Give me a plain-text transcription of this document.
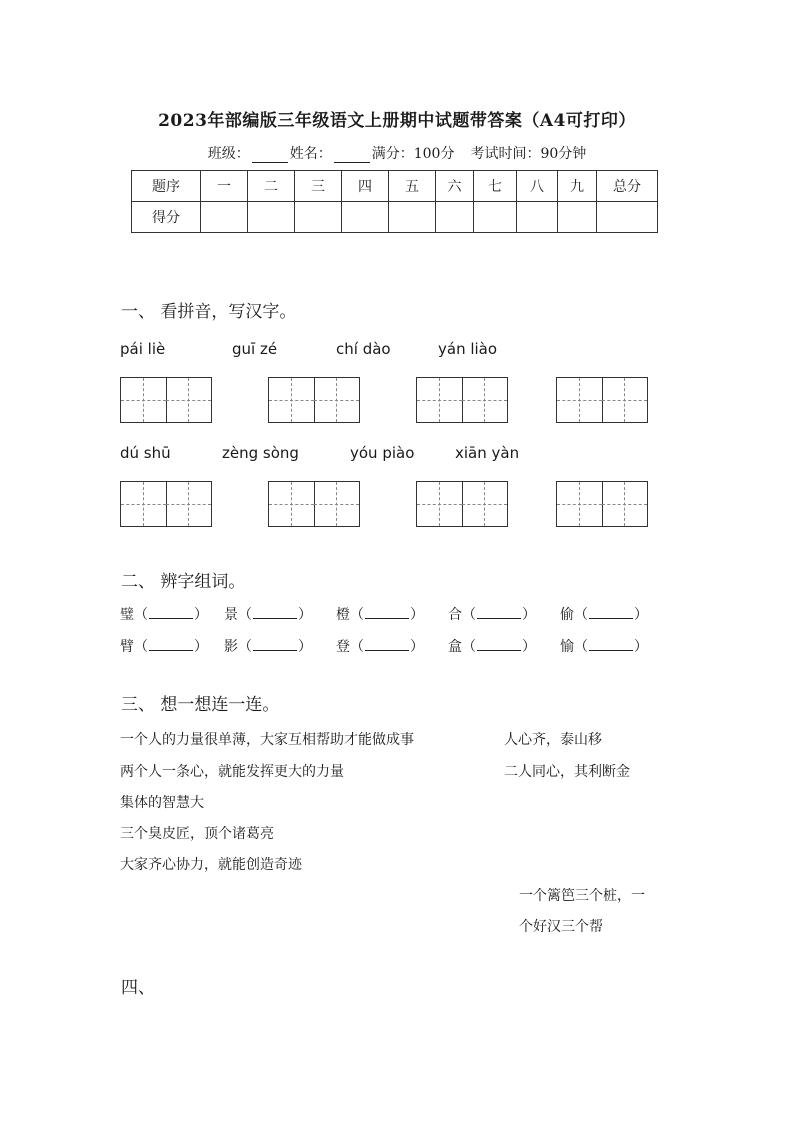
2023年部编版三年级语文上册期中试题带答案（A4可打印）
班级：	姓名：	满分：100分 考试时间：90分钟
题序	一	二	三	四	五	六	七	八	九	总分
得分										
一、 看拼音，写汉字。
pái liè	guī zé	chí dào	yán liào
dú shū	zèng sòng	yóu piào	xiān yàn
二、 辨字组词。
璧（	） 景（	） 橙（	） 合（	） 偷（	）
臂（	） 影（	） 登（	） 盒（	） 愉（	）
三、 想一想连一连。
一个人的力量很单薄，大家互相帮助才能做成事
两个人一条心，就能发挥更大的力量
集体的智慧大
三个臭皮匠，顶个诸葛亮
大家齐心协力，就能创造奇迹
人心齐，泰山移
二人同心，其利断金
一个篱笆三个桩，一
个好汉三个帮
四、
